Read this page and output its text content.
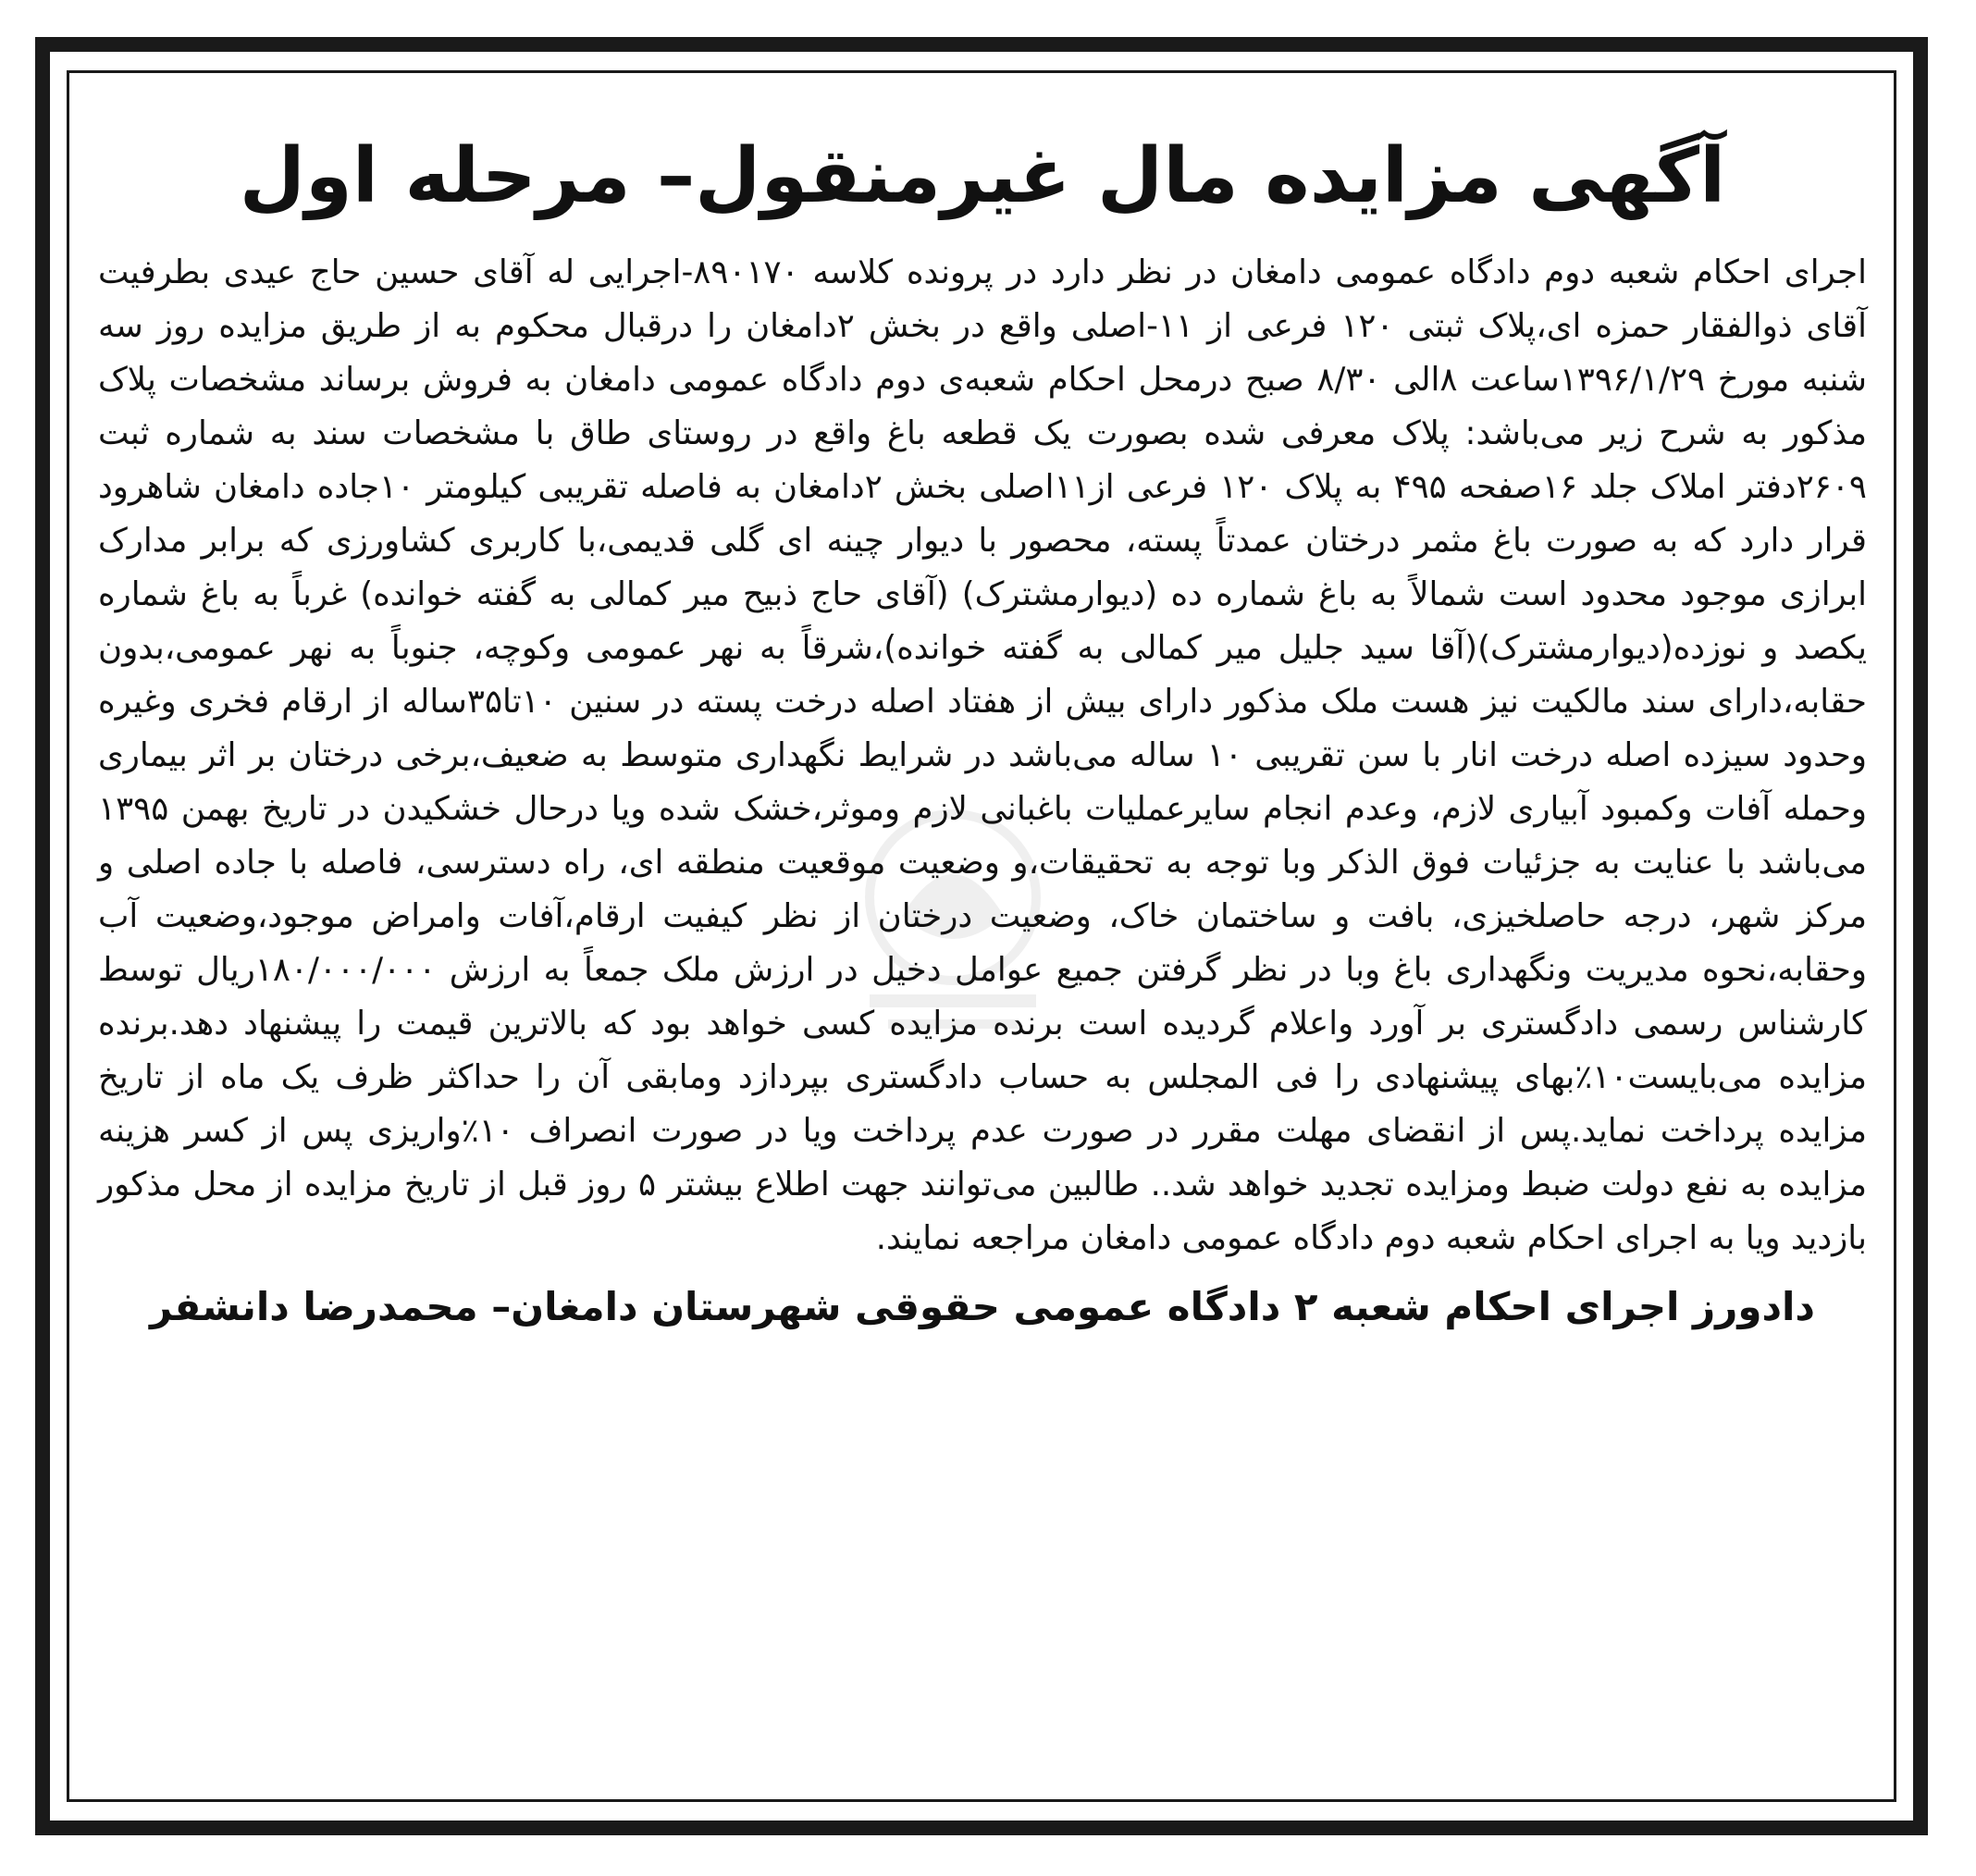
آگهی مزایده مال غیرمنقول– مرحله اول
اجرای احکام شعبه دوم دادگاه عمومی دامغان در نظر دارد در پرونده کلاسه ۸۹۰۱۷۰-اجرایی له آقای حسین حاج عیدی بطرفیت آقای ذوالفقار حمزه ای،پلاک ثبتی ۱۲۰ فرعی از ۱۱-اصلی واقع در بخش ۲دامغان را درقبال محکوم به از طریق مزایده روز سه شنبه مورخ ۱۳۹۶/۱/۲۹ساعت ۸الی ۸/۳۰ صبح درمحل احکام شعبه‌ی دوم دادگاه عمومی دامغان به فروش برساند مشخصات پلاک مذکور به شرح زیر می‌باشد: پلاک معرفی شده بصورت یک قطعه باغ واقع در روستای طاق با مشخصات سند به شماره ثبت ۲۶۰۹دفتر املاک جلد ۱۶صفحه ۴۹۵ به پلاک ۱۲۰ فرعی از۱۱اصلی بخش ۲دامغان به فاصله تقریبی کیلومتر ۱۰جاده دامغان شاهرود قرار دارد که به صورت باغ مثمر درختان عمدتاً پسته، محصور با دیوار چینه ای گلی قدیمی،با کاربری کشاورزی که برابر مدارک ابرازی موجود محدود است شمالاً به باغ شماره ده (دیوارمشترک) (آقای حاج ذبیح میر کمالی به گفته خوانده) غرباً به باغ شماره یکصد و نوزده(دیوارمشترک)(آقا سید جلیل میر کمالی به گفته خوانده)،شرقاً به نهر عمومی وکوچه، جنوباً به نهر عمومی،بدون حقابه،دارای سند مالکیت نیز هست ملک مذکور دارای بیش از هفتاد اصله درخت پسته در سنین ۱۰تا۳۵ساله از ارقام فخری وغیره وحدود سیزده اصله درخت انار با سن تقریبی ۱۰ ساله می‌باشد در شرایط نگهداری متوسط به ضعیف،برخی درختان بر اثر بیماری وحمله آفات وکمبود آبیاری لازم، وعدم انجام سایرعملیات باغبانی لازم وموثر،خشک شده ویا درحال خشکیدن در تاریخ بهمن ۱۳۹۵ می‌باشد با عنایت به جزئیات فوق الذکر وبا توجه به تحقیقات،و وضعیت موقعیت منطقه ای، راه دسترسی، فاصله با جاده اصلی و مرکز شهر، درجه حاصلخیزی، بافت و ساختمان خاک، وضعیت درختان از نظر کیفیت ارقام،آفات وامراض موجود،وضعیت آب وحقابه،نحوه مدیریت ونگهداری باغ وبا در نظر گرفتن جمیع عوامل دخیل در ارزش ملک جمعاً به ارزش ۱۸۰/۰۰۰/۰۰۰ریال توسط کارشناس رسمی دادگستری بر آورد واعلام گردیده است برنده مزایده کسی خواهد بود که بالاترین قیمت را پیشنهاد دهد.برنده مزایده می‌بایست۱۰٪بهای پیشنهادی را فی المجلس به حساب دادگستری بپردازد ومابقی آن را حداکثر ظرف یک ماه از تاریخ مزایده پرداخت نماید.پس از انقضای مهلت مقرر در صورت عدم پرداخت ویا در صورت انصراف ۱۰٪واریزی پس از کسر هزینه مزایده به نفع دولت ضبط ومزایده تجدید خواهد شد.. طالبین می‌توانند جهت اطلاع بیشتر ۵ روز قبل از تاریخ مزایده از محل مذکور بازدید ویا به اجرای احکام شعبه دوم دادگاه عمومی دامغان مراجعه نمایند.
دادورز اجرای احکام شعبه ۲ دادگاه عمومی حقوقی شهرستان دامغان– محمدرضا دانشفر
